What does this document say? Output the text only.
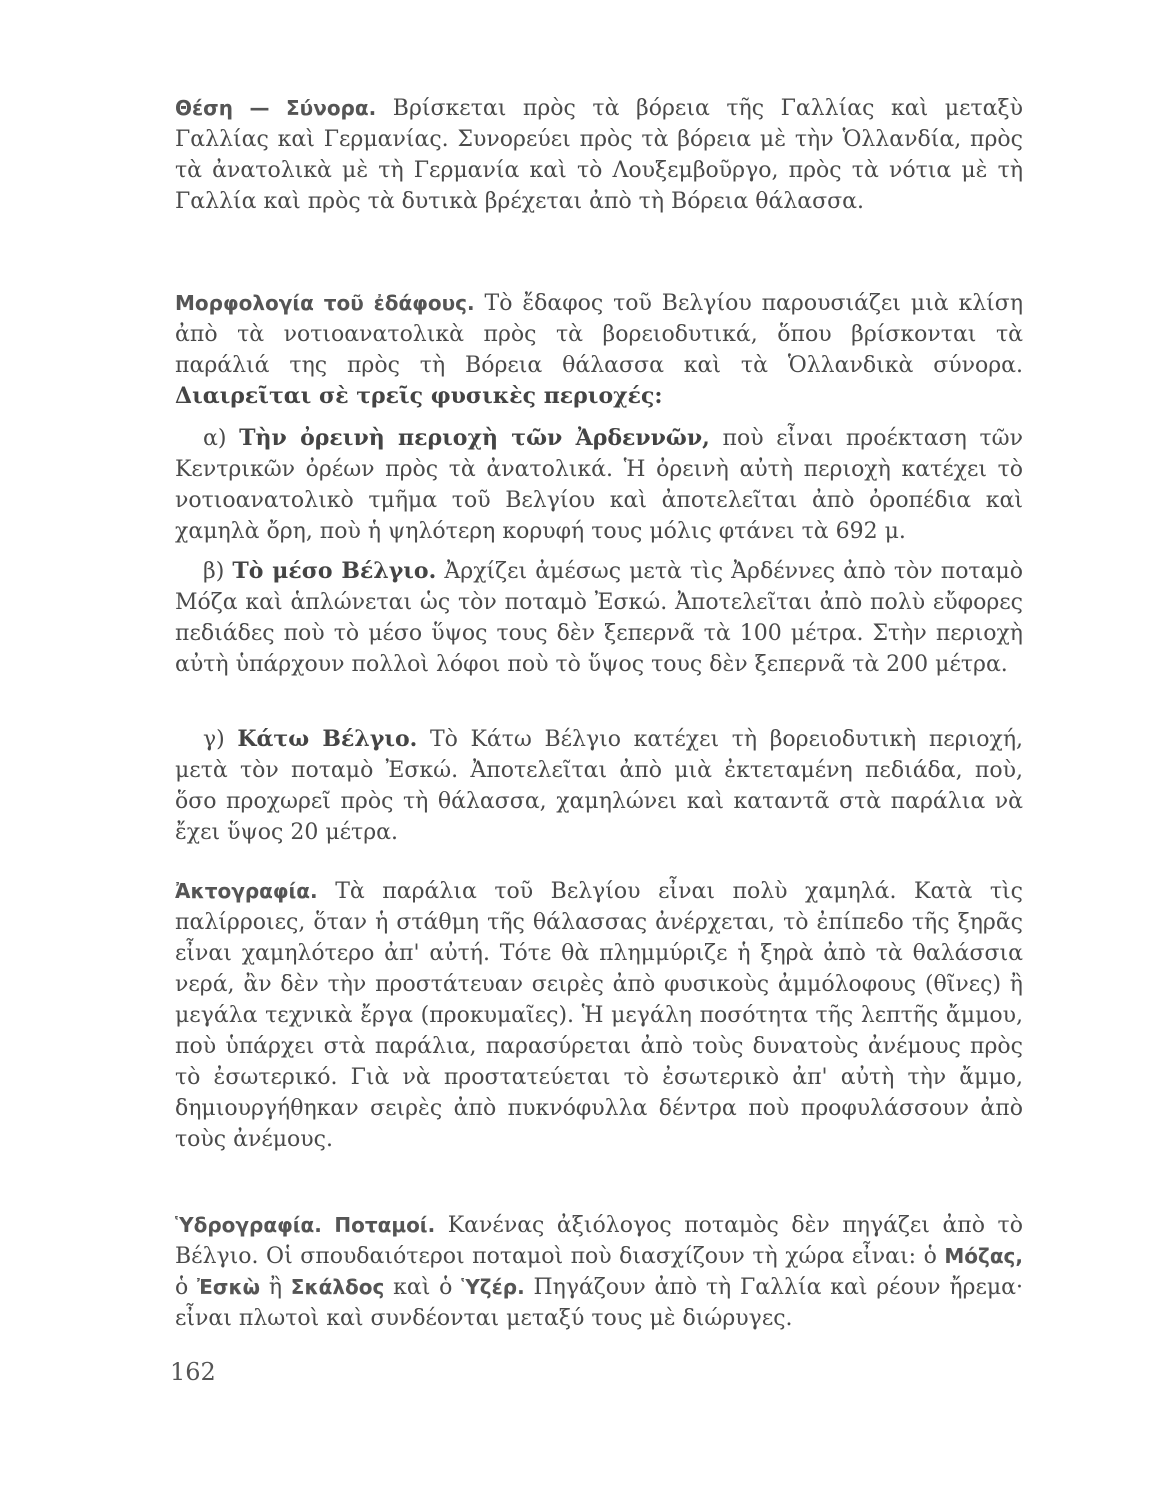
Θέση — Σύνορα. Βρίσκεται πρὸς τὰ βόρεια τῆς Γαλλίας καὶ μεταξὺ Γαλλίας καὶ Γερμανίας. Συνορεύει πρὸς τὰ βόρεια μὲ τὴν Ὁλλανδία, πρὸς τὰ ἀνατολικὰ μὲ τὴ Γερμανία καὶ τὸ Λουξεμβοῦργο, πρὸς τὰ νότια μὲ τὴ Γαλλία καὶ πρὸς τὰ δυτικὰ βρέχεται ἀπὸ τὴ Βόρεια θάλασσα.

Μορφολογία τοῦ ἐδάφους. Τὸ ἔδαφος τοῦ Βελγίου παρουσιάζει μιὰ κλίση ἀπὸ τὰ νοτιοανατολικὰ πρὸς τὰ βορειοδυτικά, ὅπου βρίσκονται τὰ παράλιά της πρὸς τὴ Βόρεια θάλασσα καὶ τὰ Ὁλλανδικὰ σύνορα. Διαιρεῖται σὲ τρεῖς φυσικὲς περιοχές:

α) Τὴν ὀρεινὴ περιοχὴ τῶν Ἀρδεννῶν, ποὺ εἶναι προέκταση τῶν Κεντρικῶν ὀρέων πρὸς τὰ ἀνατολικά. Ἡ ὀρεινὴ αὐτὴ περιοχὴ κατέχει τὸ νοτιοανατολικὸ τμῆμα τοῦ Βελγίου καὶ ἀποτελεῖται ἀπὸ ὀροπέδια καὶ χαμηλὰ ὄρη, ποὺ ἡ ψηλότερη κορυφή τους μόλις φτάνει τὰ 692 μ.

β) Τὸ μέσο Βέλγιο. Ἀρχίζει ἀμέσως μετὰ τὶς Ἀρδέννες ἀπὸ τὸν ποταμὸ Μόζα καὶ ἁπλώνεται ὡς τὸν ποταμὸ Ἐσκώ. Ἀποτελεῖται ἀπὸ πολὺ εὔφορες πεδιάδες ποὺ τὸ μέσο ὕψος τους δὲν ξεπερνᾶ τὰ 100 μέτρα. Στὴν περιοχὴ αὐτὴ ὑπάρχουν πολλοὶ λόφοι ποὺ τὸ ὕψος τους δὲν ξεπερνᾶ τὰ 200 μέτρα.

γ) Κάτω Βέλγιο. Τὸ Κάτω Βέλγιο κατέχει τὴ βορειοδυτικὴ περιοχή, μετὰ τὸν ποταμὸ Ἐσκώ. Ἀποτελεῖται ἀπὸ μιὰ ἐκτεταμένη πεδιάδα, ποὺ, ὅσο προχωρεῖ πρὸς τὴ θάλασσα, χαμηλώνει καὶ καταντᾶ στὰ παράλια νὰ ἔχει ὕψος 20 μέτρα.

Ἀκτογραφία. Τὰ παράλια τοῦ Βελγίου εἶναι πολὺ χαμηλά. Κατὰ τὶς παλίρροιες, ὅταν ἡ στάθμη τῆς θάλασσας ἀνέρχεται, τὸ ἐπίπεδο τῆς ξηρᾶς εἶναι χαμηλότερο ἀπ' αὐτή. Τότε θὰ πλημμύριζε ἡ ξηρὰ ἀπὸ τὰ θαλάσσια νερά, ἂν δὲν τὴν προστάτευαν σειρὲς ἀπὸ φυσικοὺς ἀμμόλοφους (θῖνες) ἢ μεγάλα τεχνικὰ ἔργα (προκυμαῖες). Ἡ μεγάλη ποσότητα τῆς λεπτῆς ἄμμου, ποὺ ὑπάρχει στὰ παράλια, παρασύρεται ἀπὸ τοὺς δυνατοὺς ἀνέμους πρὸς τὸ ἐσωτερικό. Γιὰ νὰ προστατεύεται τὸ ἐσωτερικὸ ἀπ' αὐτὴ τὴν ἄμμο, δημιουργήθηκαν σειρὲς ἀπὸ πυκνόφυλλα δέντρα ποὺ προφυλάσσουν ἀπὸ τοὺς ἀνέμους.

Ὑδρογραφία. Ποταμοί. Κανένας ἀξιόλογος ποταμὸς δὲν πηγάζει ἀπὸ τὸ Βέλγιο. Οἱ σπουδαιότεροι ποταμοὶ ποὺ διασχίζουν τὴ χώρα εἶναι: ὁ Μόζας, ὁ Ἐσκὼ ἢ Σκάλδος καὶ ὁ Ὑζέρ. Πηγάζουν ἀπὸ τὴ Γαλλία καὶ ρέουν ἤρεμα· εἶναι πλωτοὶ καὶ συνδέονται μεταξύ τους μὲ διώρυγες.

162
